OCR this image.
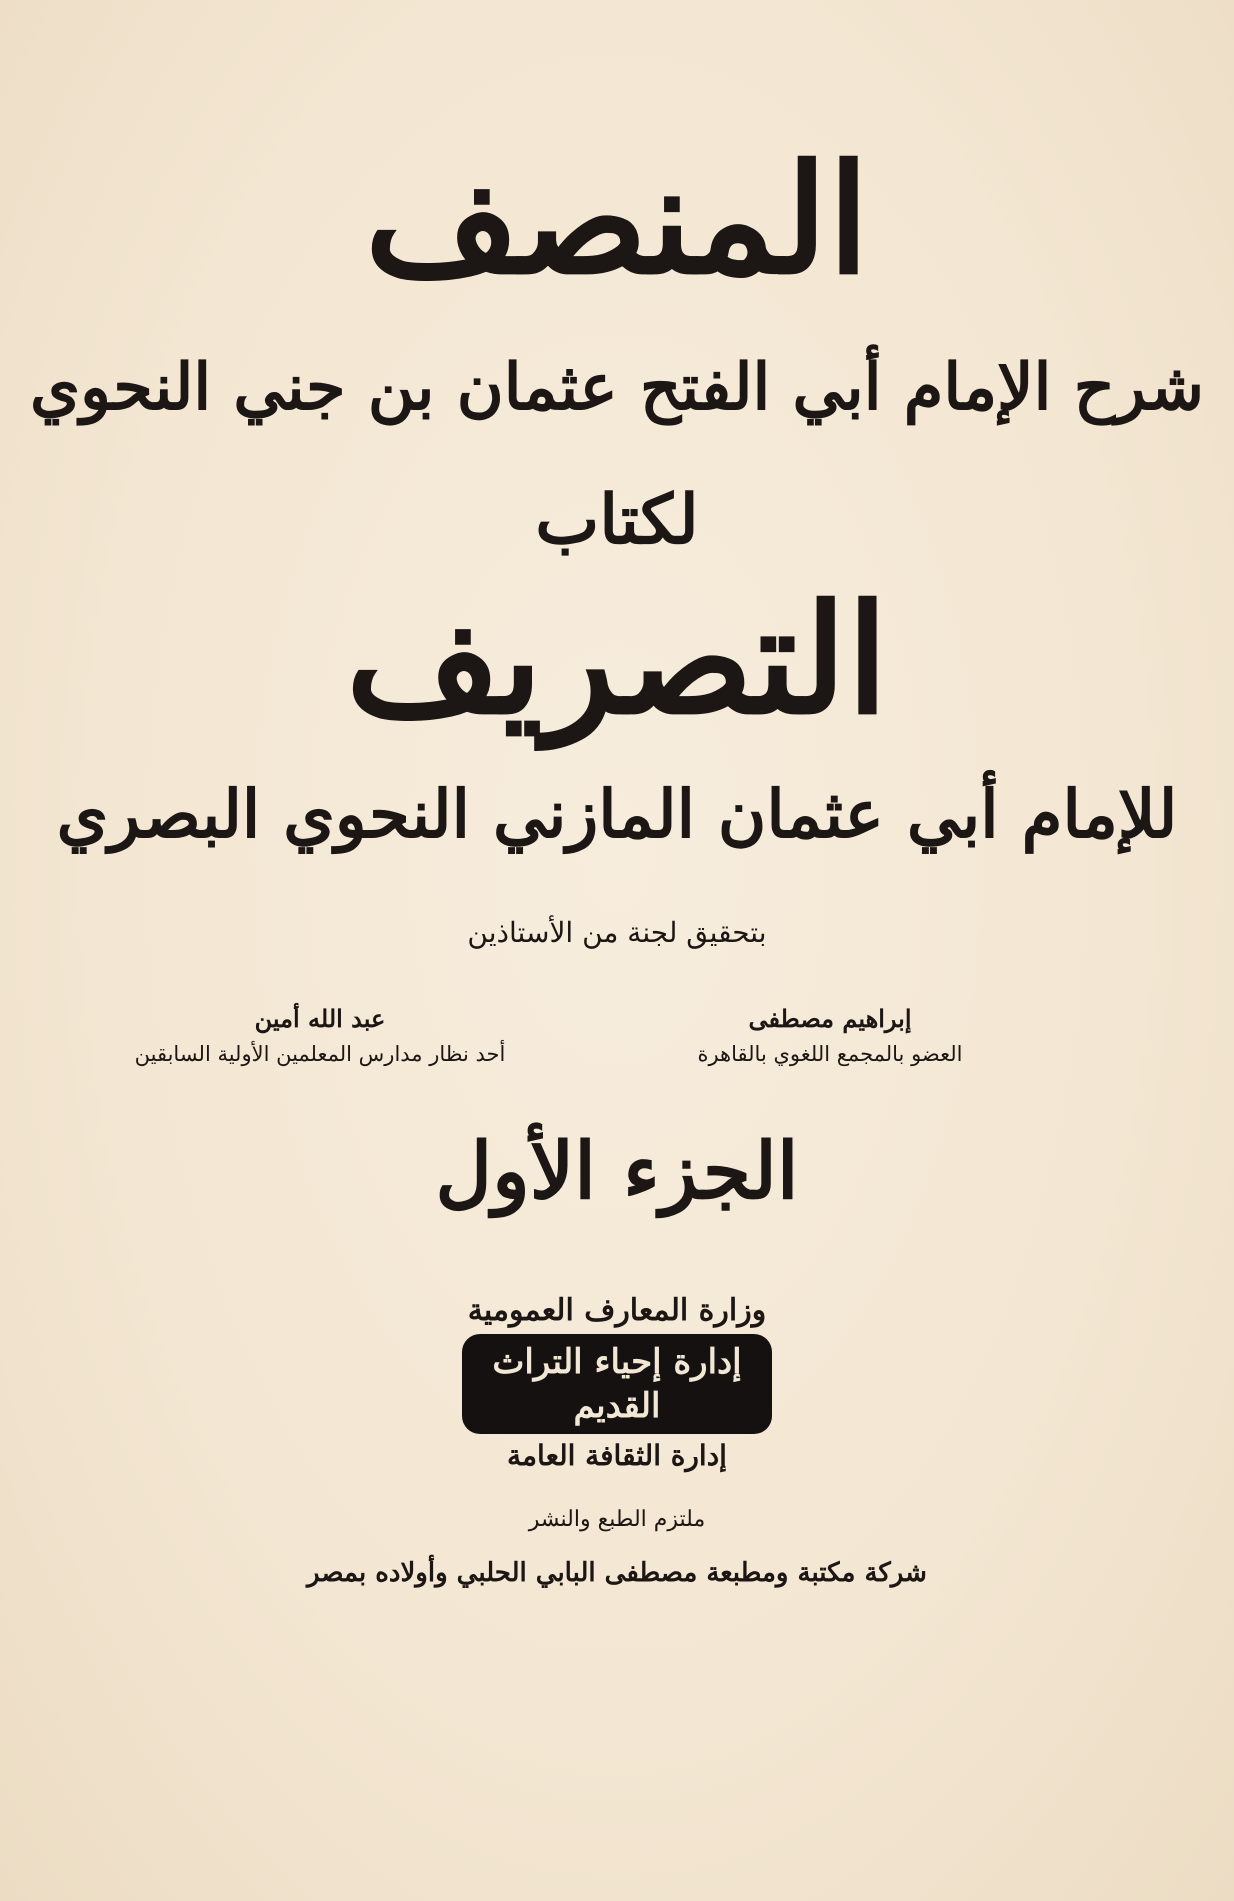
المنصف
شرح الإمام أبي الفتح عثمان بن جني النحوي
لكتاب
التصريف
للإمام أبي عثمان المازني النحوي البصري
بتحقيق لجنة من الأستاذين
إبراهيم مصطفى
العضو بالمجمع اللغوي بالقاهرة
عبد الله أمين
أحد نظار مدارس المعلمين الأولية السابقين
الجزء الأول
وزارة المعارف العمومية
إدارة إحياء التراث القديم
إدارة الثقافة العامة
ملتزم الطبع والنشر
شركة مكتبة ومطبعة مصطفى البابي الحلبي وأولاده بمصر
